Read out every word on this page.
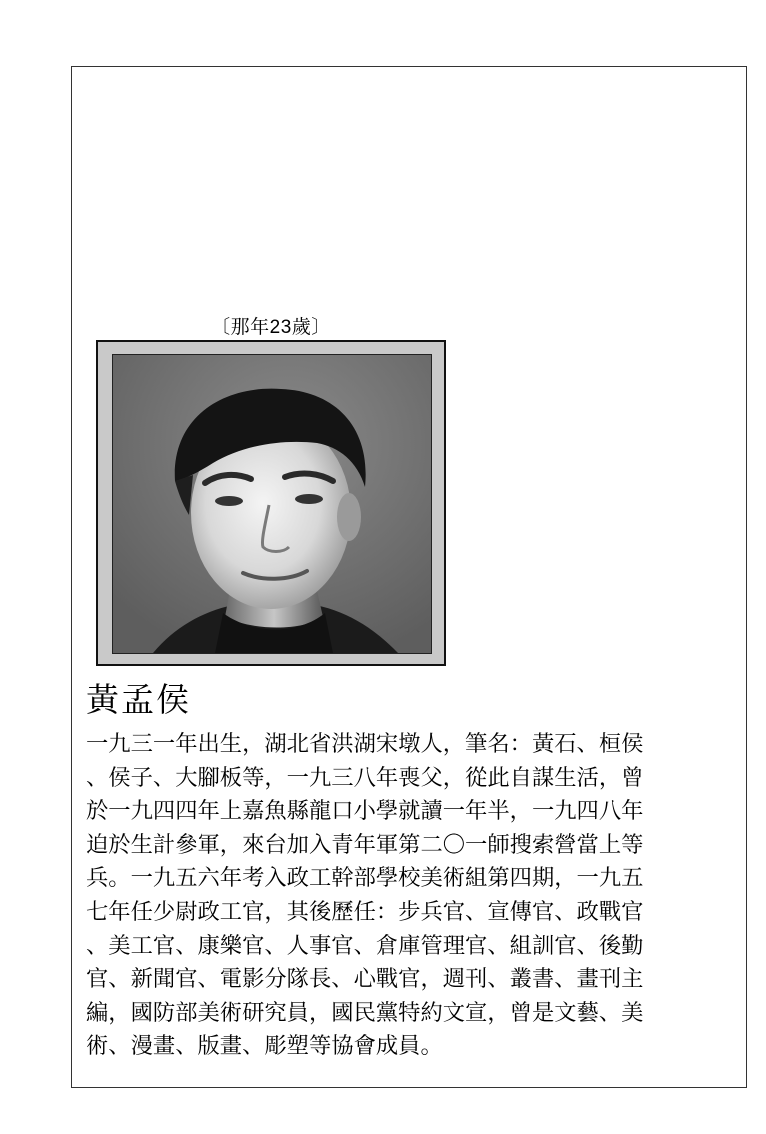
〔那年23歲〕
黃孟侯
一九三一年出生，湖北省洪湖宋墩人，筆名：黃石、桓侯
、侯子、大腳板等，一九三八年喪父，從此自謀生活，曾
於一九四四年上嘉魚縣龍口小學就讀一年半，一九四八年
迫於生計參軍，來台加入青年軍第二〇一師搜索營當上等
兵。一九五六年考入政工幹部學校美術組第四期，一九五
七年任少尉政工官，其後歷任：步兵官、宣傳官、政戰官
、美工官、康樂官、人事官、倉庫管理官、組訓官、後勤
官、新聞官、電影分隊長、心戰官，週刊、叢書、畫刊主
編，國防部美術研究員，國民黨特約文宣，曾是文藝、美
術、漫畫、版畫、彫塑等協會成員。
